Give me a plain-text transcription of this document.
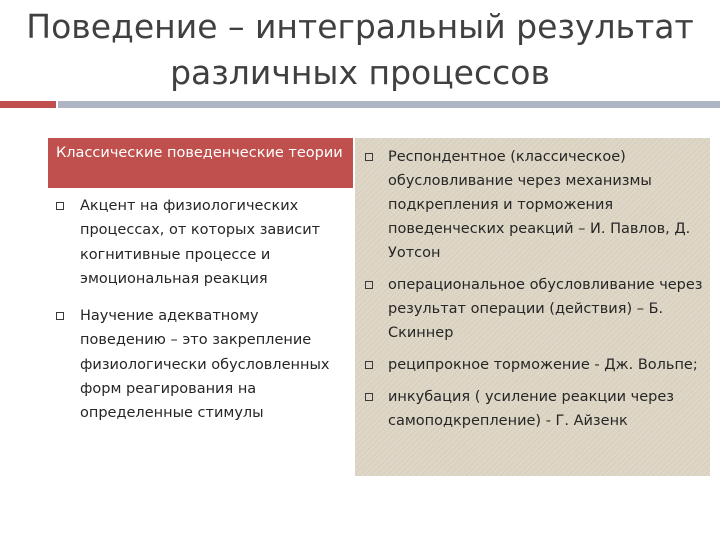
Поведение – интегральный результат различных процессов
Классические поведенческие теории
Акцент на физиологических процессах, от которых зависит когнитивные процессе и эмоциональная реакция
Научение адекватному поведению – это закрепление физиологически обусловленных форм реагирования на определенные стимулы
Респондентное (классическое) обусловливание через механизмы подкрепления и торможения поведенческих реакций – И. Павлов, Д. Уотсон
операциональное обусловливание через результат операции (действия) – Б. Скиннер
реципрокное торможение - Дж. Вольпе;
инкубация ( усиление реакции через самоподкрепление) - Г. Айзенк
